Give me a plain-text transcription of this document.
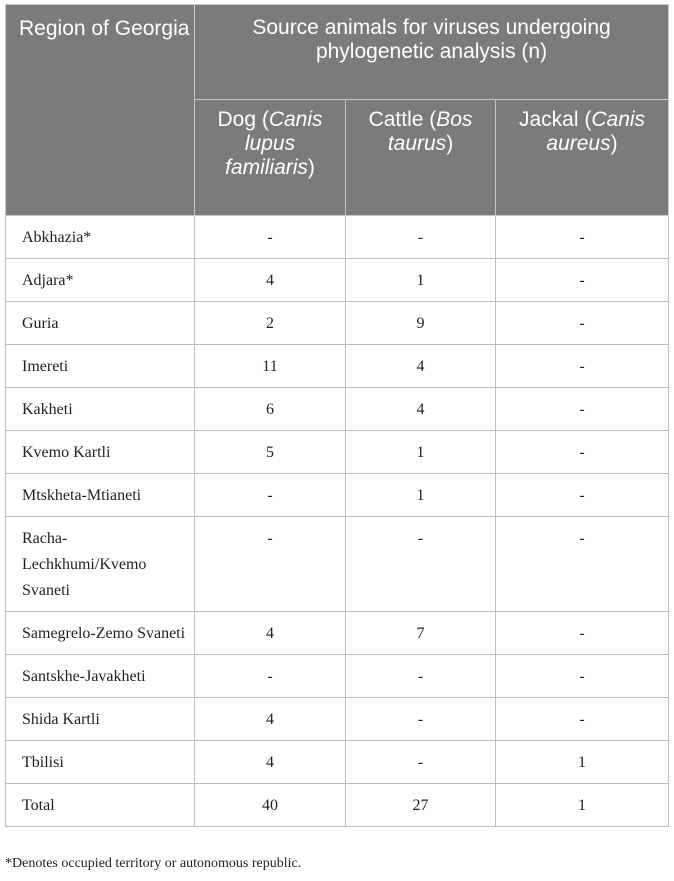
Region of Georgia	Source animals for viruses undergoing phylogenetic analysis (n)		
	Dog (Canis lupus familiaris)	Cattle (Bos taurus)	Jackal (Canis aureus)
Abkhazia*	-	-	-
Adjara*	4	1	-
Guria	2	9	-
Imereti	11	4	-
Kakheti	6	4	-
Kvemo Kartli	5	1	-
Mtskheta-Mtianeti	-	1	-
Racha-Lechkhumi/Kvemo Svaneti	-	-	-
Samegrelo-Zemo Svaneti	4	7	-
Santskhe-Javakheti	-	-	-
Shida Kartli	4	-	-
Tbilisi	4	-	1
Total	40	27	1
*Denotes occupied territory or autonomous republic.
